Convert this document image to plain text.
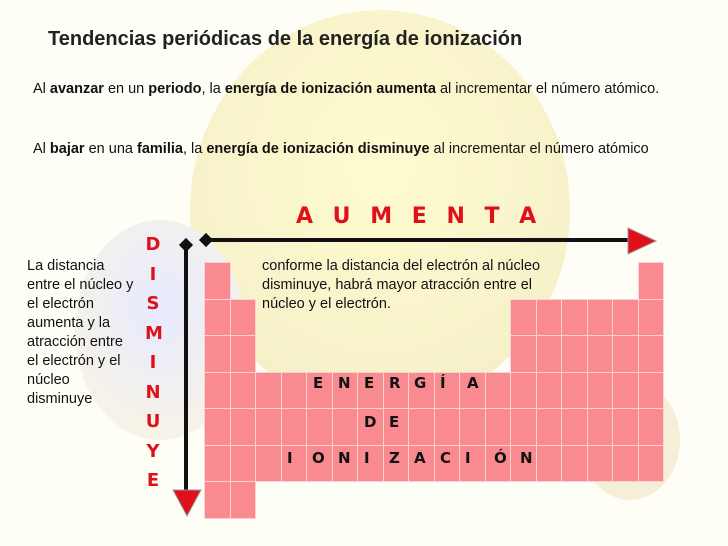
Tendencias periódicas de la energía de ionización
Al avanzar en un periodo, la energía de ionización aumenta al incrementar el número atómico.
Al bajar en una familia, la energía de ionización disminuye al incrementar el número atómico
A U M E N T A
D
I
S
M
I
N
U
Y
E
La distancia entre el núcleo y el electrón aumenta y la atracción entre el electrón y el núcleo disminuye
conforme la distancia del electrón al núcleo disminuye, habrá mayor atracción entre el núcleo y el electrón.
E N E R G Í A
D E
I O N I Z A C I Ó N
